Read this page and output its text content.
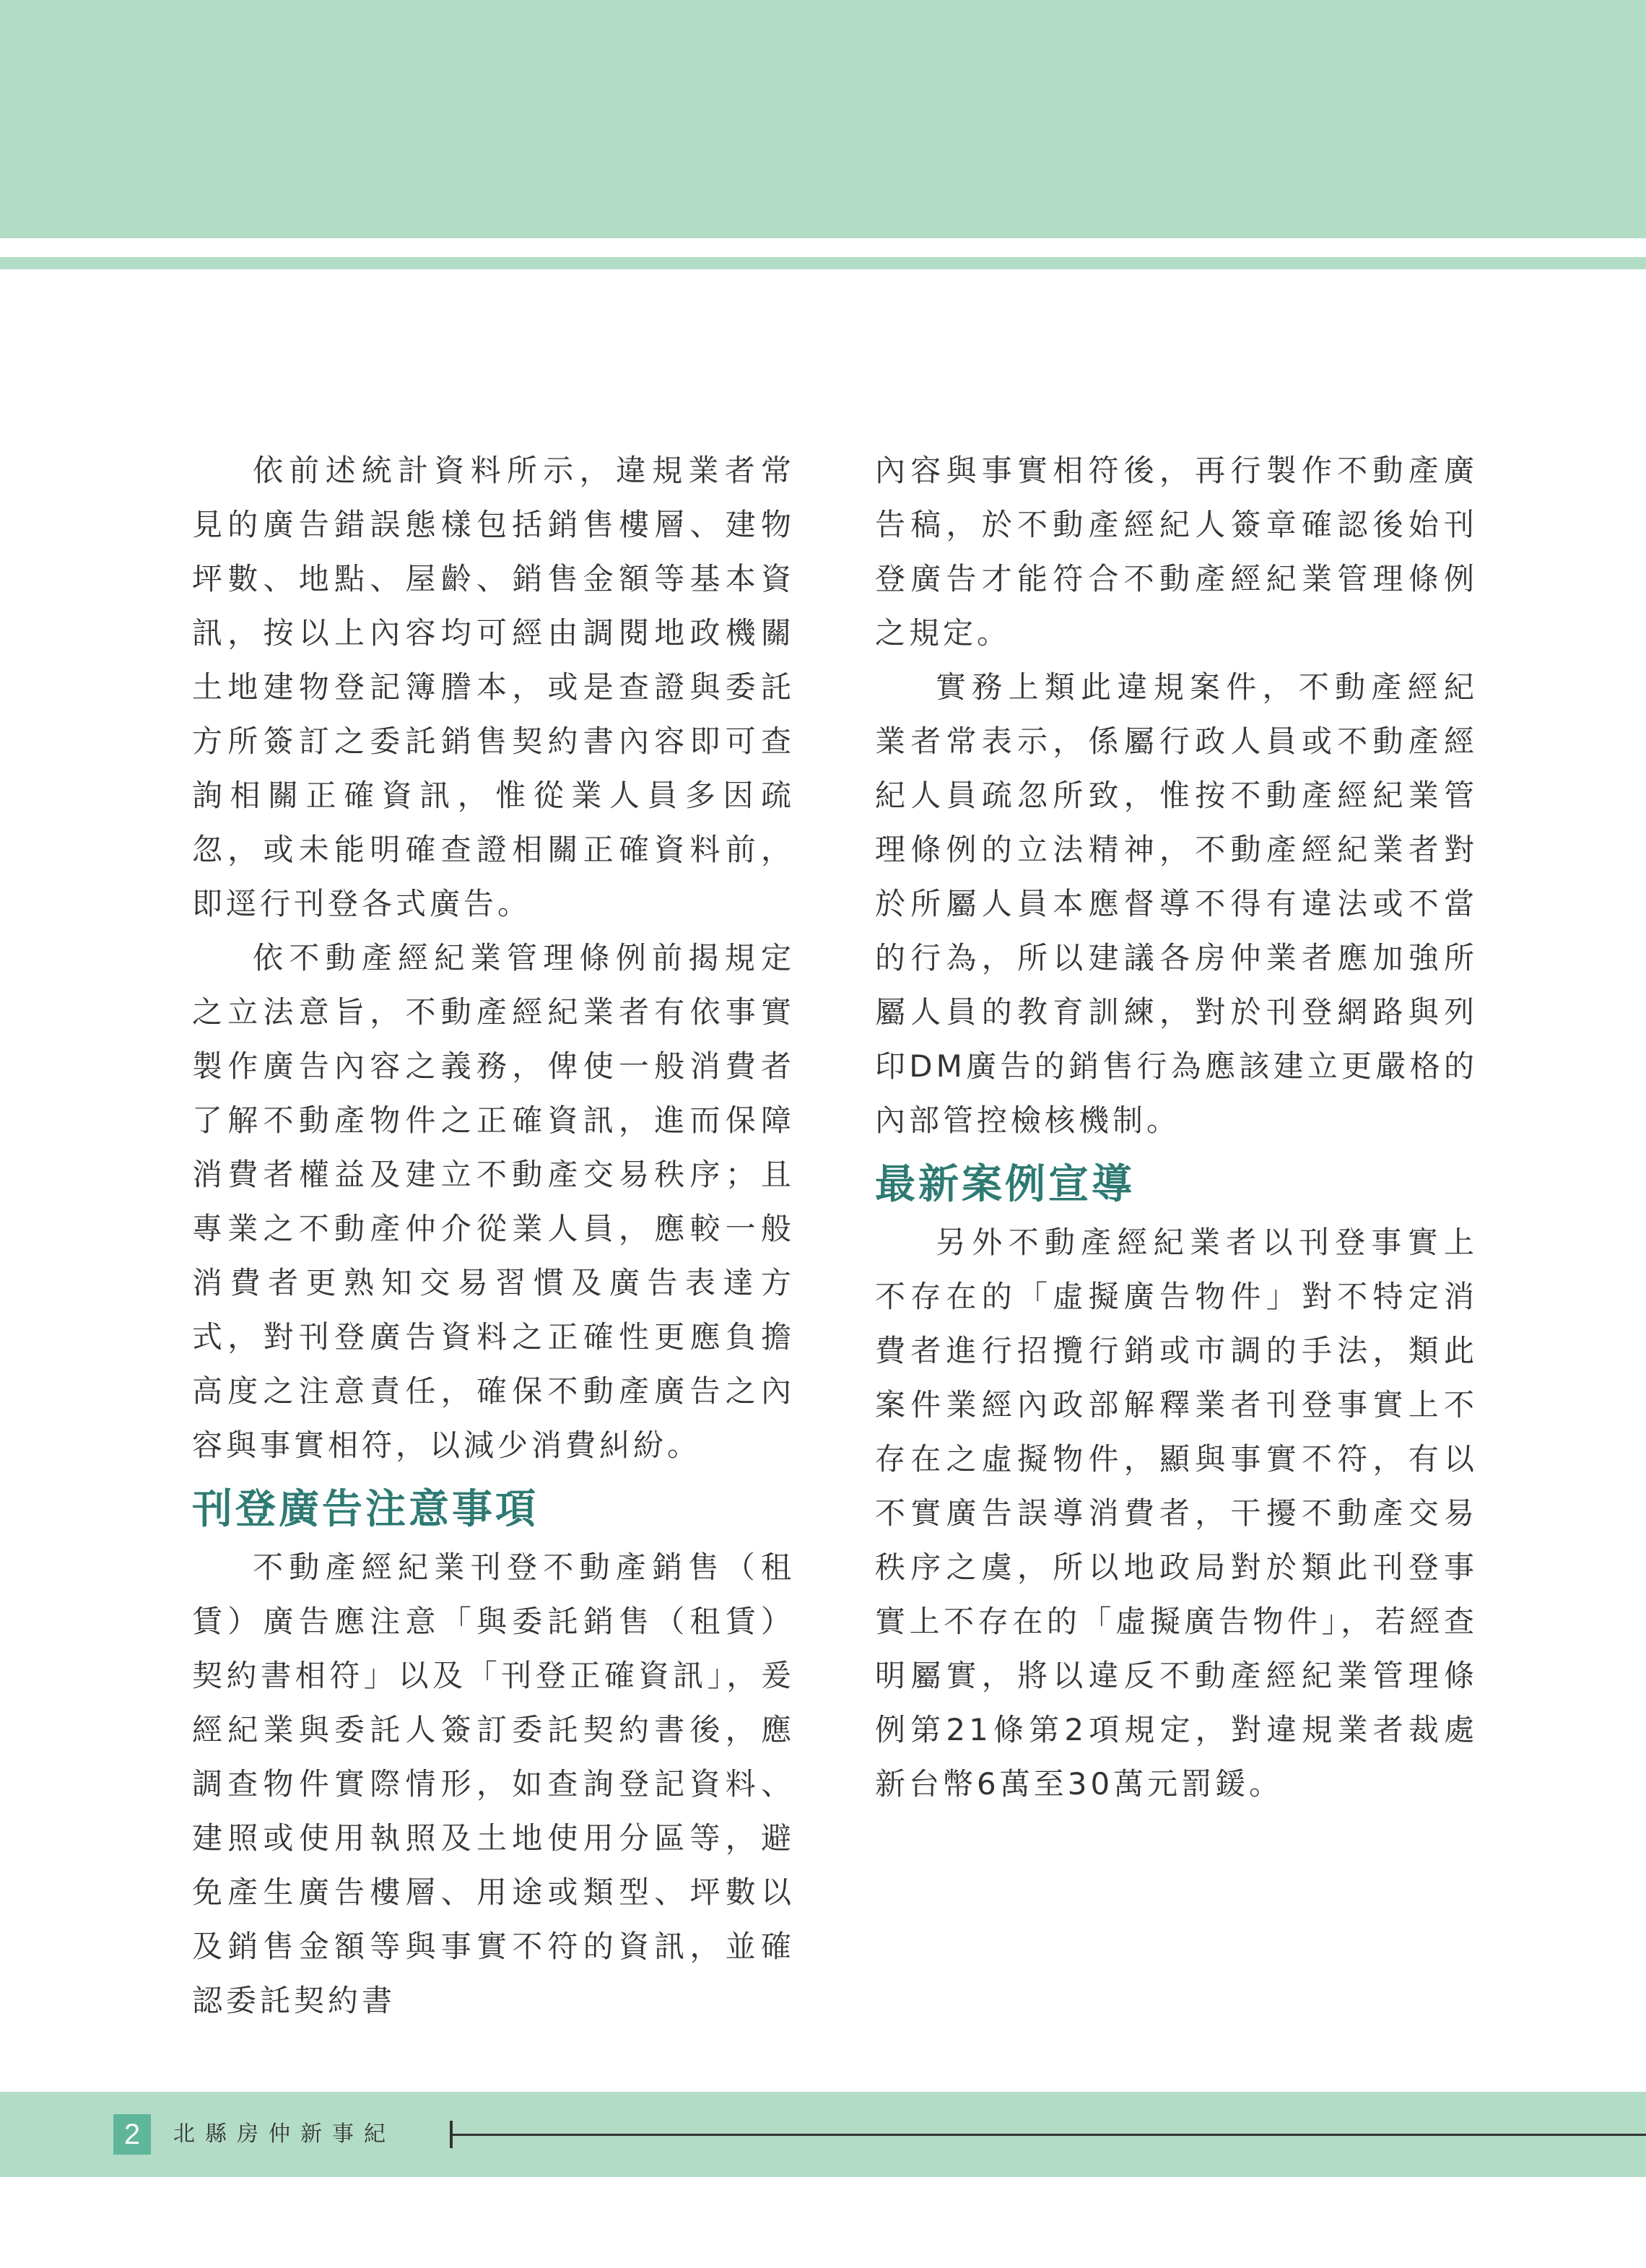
依前述統計資料所示，違規業者常見的廣告錯誤態樣包括銷售樓層、建物坪數、地點、屋齡、銷售金額等基本資訊，按以上內容均可經由調閱地政機關土地建物登記簿謄本，或是查證與委託方所簽訂之委託銷售契約書內容即可查詢相關正確資訊，惟從業人員多因疏忽，或未能明確查證相關正確資料前，即逕行刊登各式廣告。

依不動產經紀業管理條例前揭規定之立法意旨，不動產經紀業者有依事實製作廣告內容之義務，俾使一般消費者了解不動產物件之正確資訊，進而保障消費者權益及建立不動產交易秩序；且專業之不動產仲介從業人員，應較一般消費者更熟知交易習慣及廣告表達方式，對刊登廣告資料之正確性更應負擔高度之注意責任，確保不動產廣告之內容與事實相符，以減少消費糾紛。

刊登廣告注意事項

不動產經紀業刊登不動產銷售（租賃）廣告應注意「與委託銷售（租賃）契約書相符」以及「刊登正確資訊」，爰經紀業與委託人簽訂委託契約書後，應調查物件實際情形，如查詢登記資料、建照或使用執照及土地使用分區等，避免產生廣告樓層、用途或類型、坪數以及銷售金額等與事實不符的資訊，並確認委託契約書

內容與事實相符後，再行製作不動產廣告稿，於不動產經紀人簽章確認後始刊登廣告才能符合不動產經紀業管理條例之規定。

實務上類此違規案件，不動產經紀業者常表示，係屬行政人員或不動產經紀人員疏忽所致，惟按不動產經紀業管理條例的立法精神，不動產經紀業者對於所屬人員本應督導不得有違法或不當的行為，所以建議各房仲業者應加強所屬人員的教育訓練，對於刊登網路與列印DM廣告的銷售行為應該建立更嚴格的內部管控檢核機制。

最新案例宣導

另外不動產經紀業者以刊登事實上不存在的「虛擬廣告物件」對不特定消費者進行招攬行銷或市調的手法，類此案件業經內政部解釋業者刊登事實上不存在之虛擬物件，顯與事實不符，有以不實廣告誤導消費者，干擾不動產交易秩序之虞，所以地政局對於類此刊登事實上不存在的「虛擬廣告物件」，若經查明屬實，將以違反不動產經紀業管理條例第21條第2項規定，對違規業者裁處新台幣6萬至30萬元罰鍰。

2	北縣房仲新事紀
